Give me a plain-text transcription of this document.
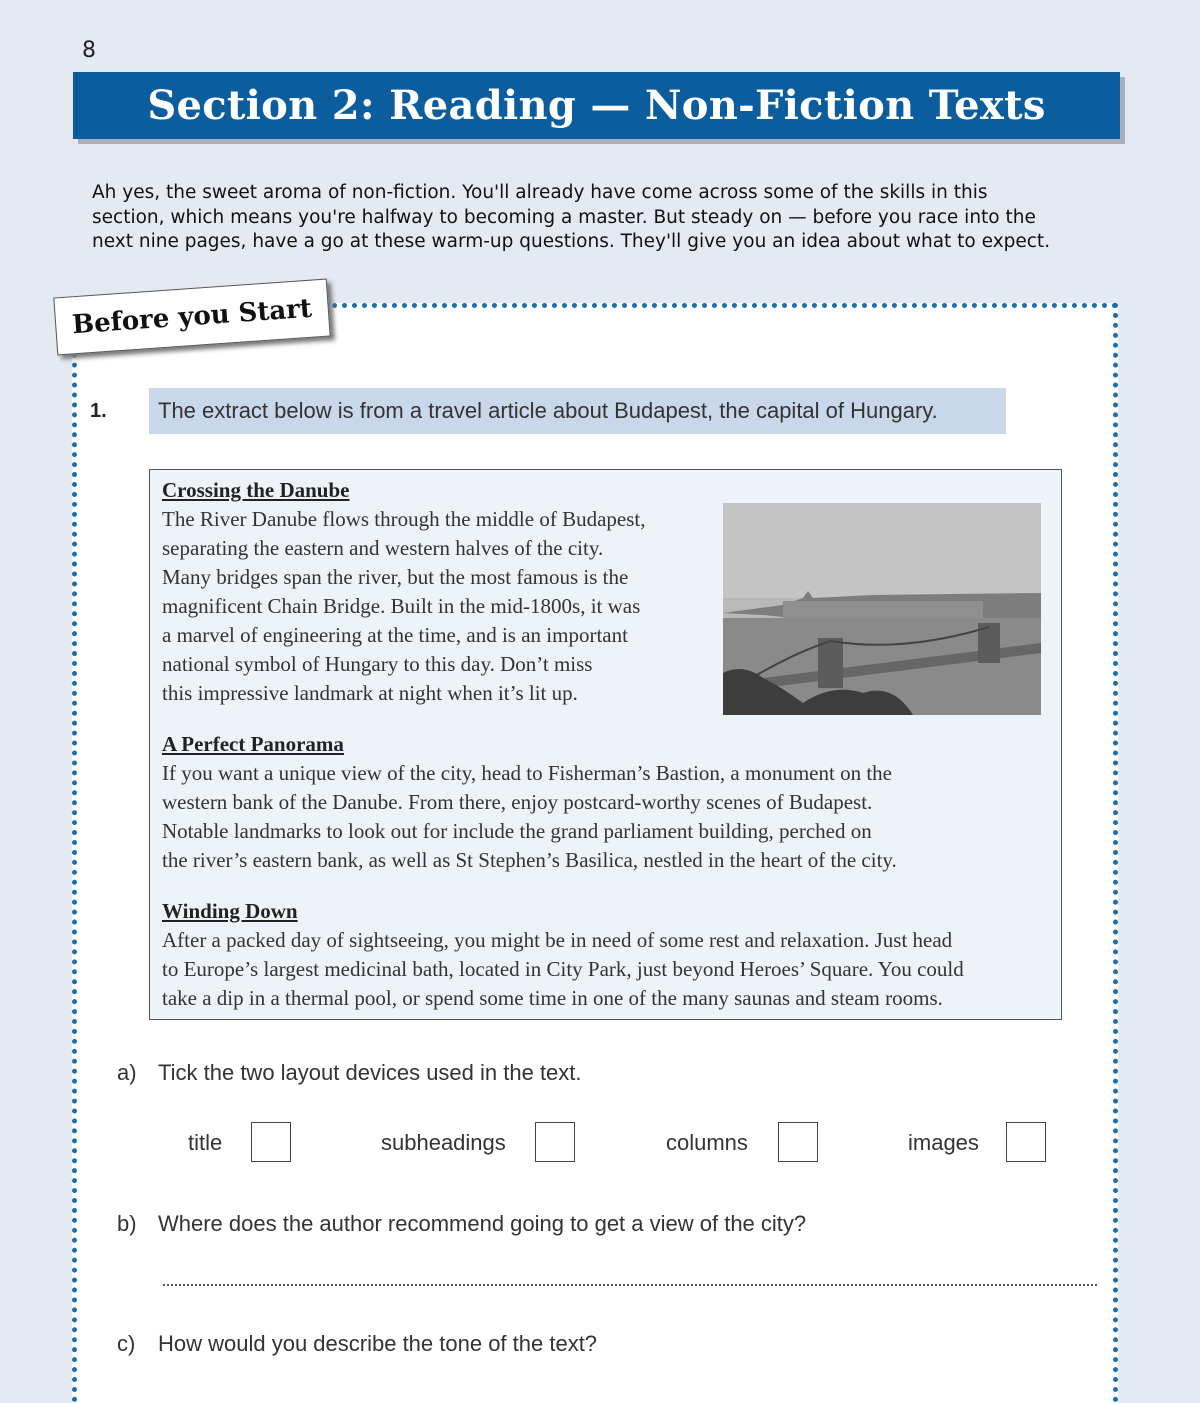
8
Section 2: Reading — Non-Fiction Texts
Ah yes, the sweet aroma of non-fiction. You'll already have come across some of the skills in this
section, which means you're halfway to becoming a master. But steady on — before you race into the
next nine pages, have a go at these warm-up questions. They'll give you an idea about what to expect.
Before you Start
1.	The extract below is from a travel article about Budapest, the capital of Hungary.
Crossing the Danube

The River Danube flows through the middle of Budapest,
separating the eastern and western halves of the city.
Many bridges span the river, but the most famous is the
magnificent Chain Bridge. Built in the mid-1800s, it was
a marvel of engineering at the time, and is an important
national symbol of Hungary to this day. Don’t miss
this impressive landmark at night when it’s lit up.

A Perfect Panorama

If you want a unique view of the city, head to Fisherman’s Bastion, a monument on the
western bank of the Danube. From there, enjoy postcard-worthy scenes of Budapest.
Notable landmarks to look out for include the grand parliament building, perched on
the river’s eastern bank, as well as St Stephen’s Basilica, nestled in the heart of the city.

Winding Down

After a packed day of sightseeing, you might be in need of some rest and relaxation. Just head
to Europe’s largest medicinal bath, located in City Park, just beyond Heroes’ Square. You could
take a dip in a thermal pool, or spend some time in one of the many saunas and steam rooms.

a) Tick the two layout devices used in the text.
title	subheadings	columns	images
b) Where does the author recommend going to get a view of the city?
c) How would you describe the tone of the text?
